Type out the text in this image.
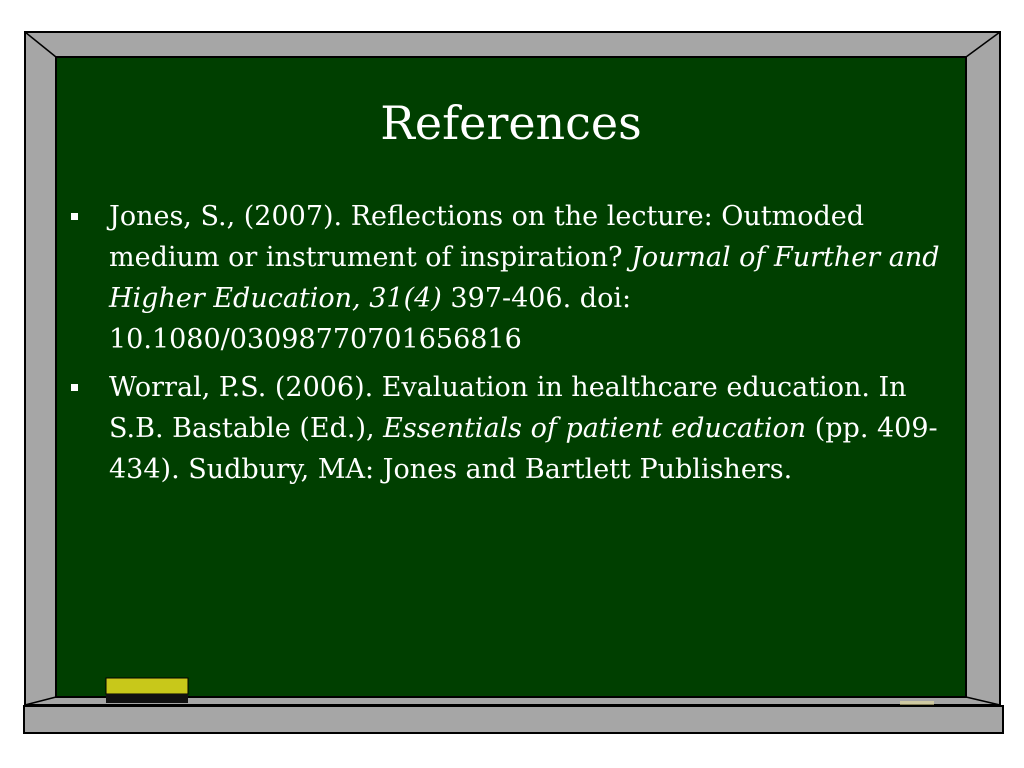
References
Jones, S., (2007). Reflections on the lecture: Outmoded medium or instrument of inspiration? Journal of Further and Higher Education, 31(4) 397-406. doi: 10.1080/03098770701656816
Worral, P.S. (2006). Evaluation in healthcare education. In S.B. Bastable (Ed.), Essentials of patient education (pp. 409-434). Sudbury, MA: Jones and Bartlett Publishers.
